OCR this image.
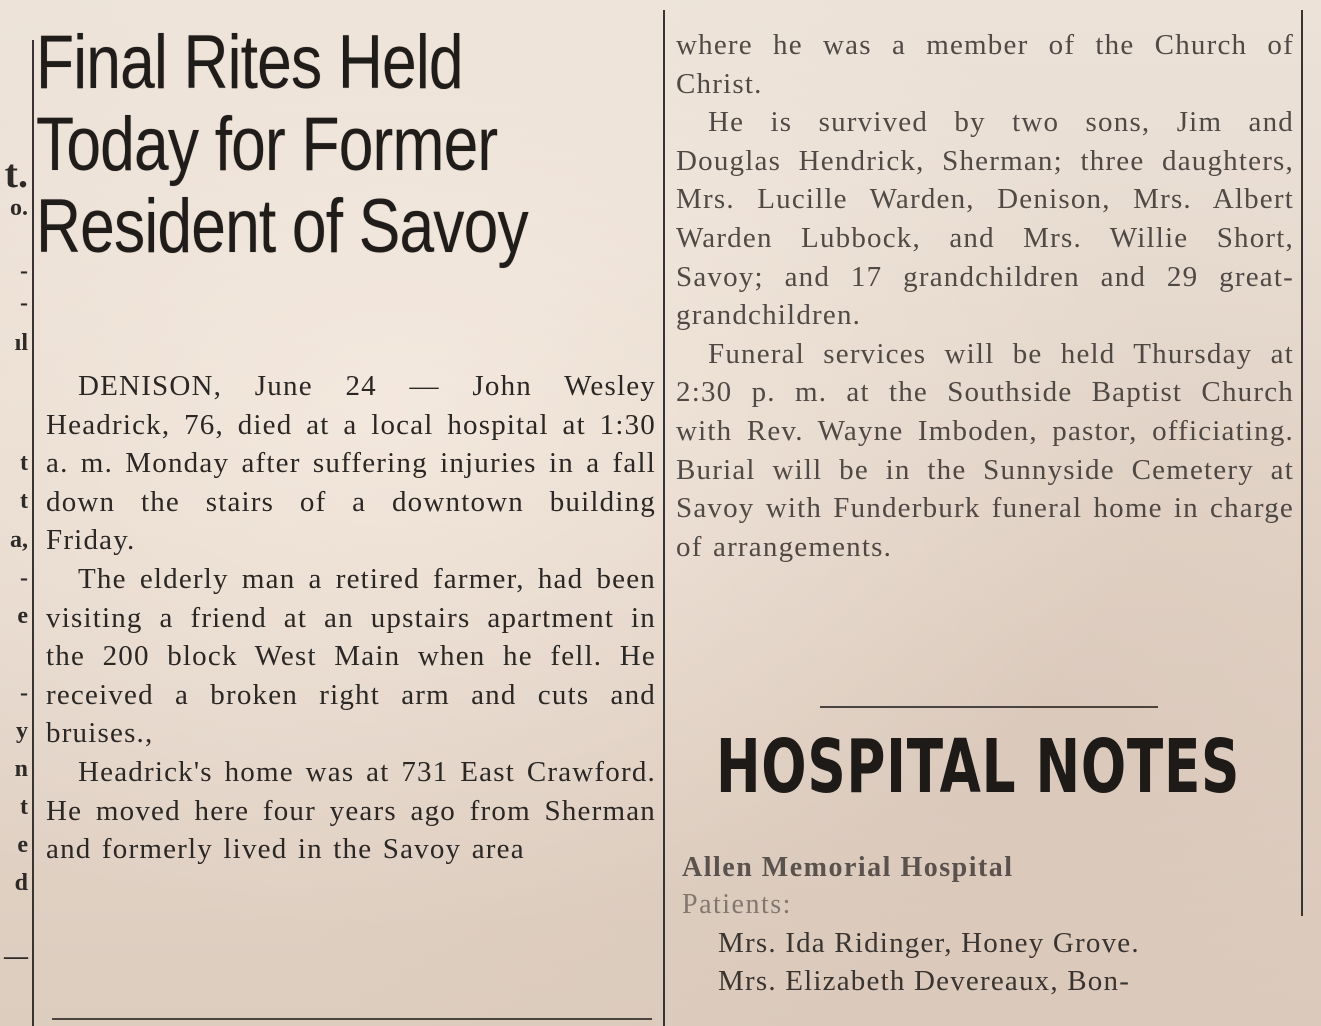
t.
o.
-
-
ıl
t
t
a,
-
e
-
y
n
t
e
d
—
Final Rites Held
Today for Former
Resident of Savoy

DENISON, June 24 — John Wesley Headrick, 76, died at a local hospital at 1:30 a. m. Monday after suffering injuries in a fall down the stairs of a downtown building Friday.

The elderly man a retired farmer, had been visiting a friend at an upstairs apartment in the 200 block West Main when he fell. He received a broken right arm and cuts and bruises.,

Headrick's home was at 731 East Crawford. He moved here four years ago from Sherman and formerly lived in the Savoy area

where he was a member of the Church of Christ.

He is survived by two sons, Jim and Douglas Hendrick, Sherman; three daughters, Mrs. Lucille Warden, Denison, Mrs. Albert Warden Lubbock, and Mrs. Willie Short, Savoy; and 17 grandchildren and 29 great-grandchildren.

Funeral services will be held Thursday at 2:30 p. m. at the Southside Baptist Church with Rev. Wayne Imboden, pastor, officiating. Burial will be in the Sunnyside Cemetery at Savoy with Funderburk funeral home in charge of arrangements.

HOSPITAL NOTES
Allen Memorial Hospital
Patients:
Mrs. Ida Ridinger, Honey Grove.
Mrs. Elizabeth Devereaux, Bon-
